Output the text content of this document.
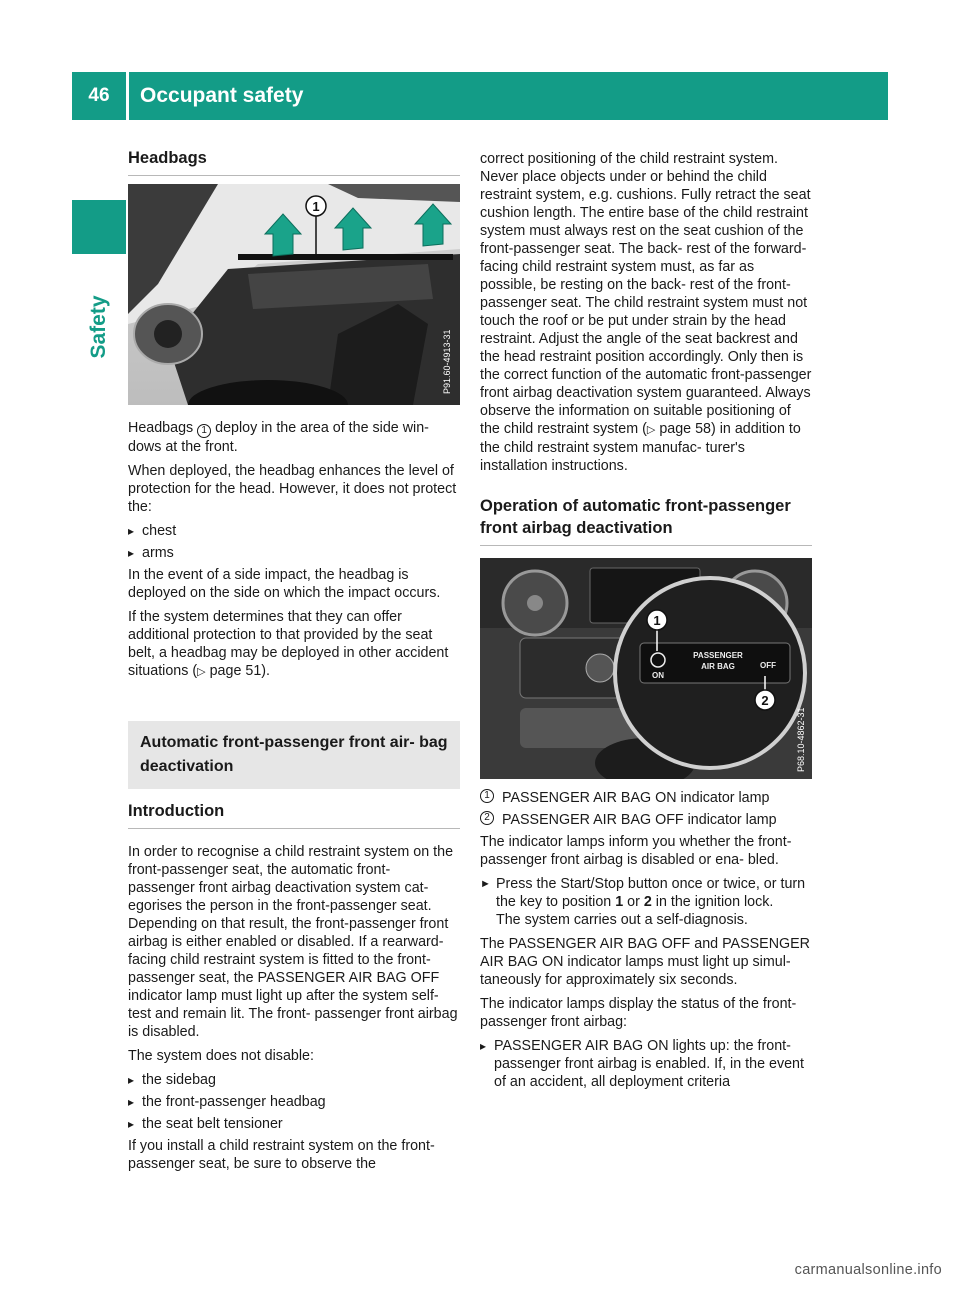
46	Occupant safety
Safety
Headbags
1
P91.60-4913-31

Headbags 1 deploy in the area of the side win- dows at the front.

When deployed, the headbag enhances the level of protection for the head. However, it does not protect the:

▸ chest
▸ arms

In the event of a side impact, the headbag is deployed on the side on which the impact occurs.

If the system determines that they can offer additional protection to that provided by the seat belt, a headbag may be deployed in other accident situations (▷ page 51).

Automatic front-passenger front air- bag deactivation
Introduction

In order to recognise a child restraint system on the front-passenger seat, the automatic front- passenger front airbag deactivation system cat- egorises the person in the front-passenger seat. Depending on that result, the front-passenger front airbag is either enabled or disabled. If a rearward-facing child restraint system is fitted to the front-passenger seat, the PASSENGER AIR BAG OFF indicator lamp must light up after the system self-test and remain lit. The front- passenger front airbag is disabled.

The system does not disable:

▸ the sidebag
▸ the front-passenger headbag
▸ the seat belt tensioner

If you install a child restraint system on the front-passenger seat, be sure to observe the

correct positioning of the child restraint system. Never place objects under or behind the child restraint system, e.g. cushions. Fully retract the seat cushion length. The entire base of the child restraint system must always rest on the seat cushion of the front-passenger seat. The back- rest of the forward-facing child restraint system must, as far as possible, be resting on the back- rest of the front-passenger seat. The child restraint system must not touch the roof or be put under strain by the head restraint. Adjust the angle of the seat backrest and the head restraint position accordingly. Only then is the correct function of the automatic front-passenger front airbag deactivation system guaranteed. Always observe the information on suitable positioning of the child restraint system (▷ page 58) in addition to the child restraint system manufac- turer's installation instructions.

Operation of automatic front-passenger front airbag deactivation
ON
PASSENGER
AIR BAG	OFF
1
2
P68.10-4862-31
1 PASSENGER AIR BAG ON indicator lamp
2 PASSENGER AIR BAG OFF indicator lamp

The indicator lamps inform you whether the front-passenger front airbag is disabled or ena- bled.

► Press the Start/Stop button once or twice, or turn the key to position 1 or 2 in the ignition lock.
The system carries out a self-diagnosis.

The PASSENGER AIR BAG OFF and PASSENGER AIR BAG ON indicator lamps must light up simul- taneously for approximately six seconds.

The indicator lamps display the status of the front-passenger front airbag:

▸ PASSENGER AIR BAG ON lights up: the front- passenger front airbag is enabled. If, in the event of an accident, all deployment criteria
carmanualsonline.info
